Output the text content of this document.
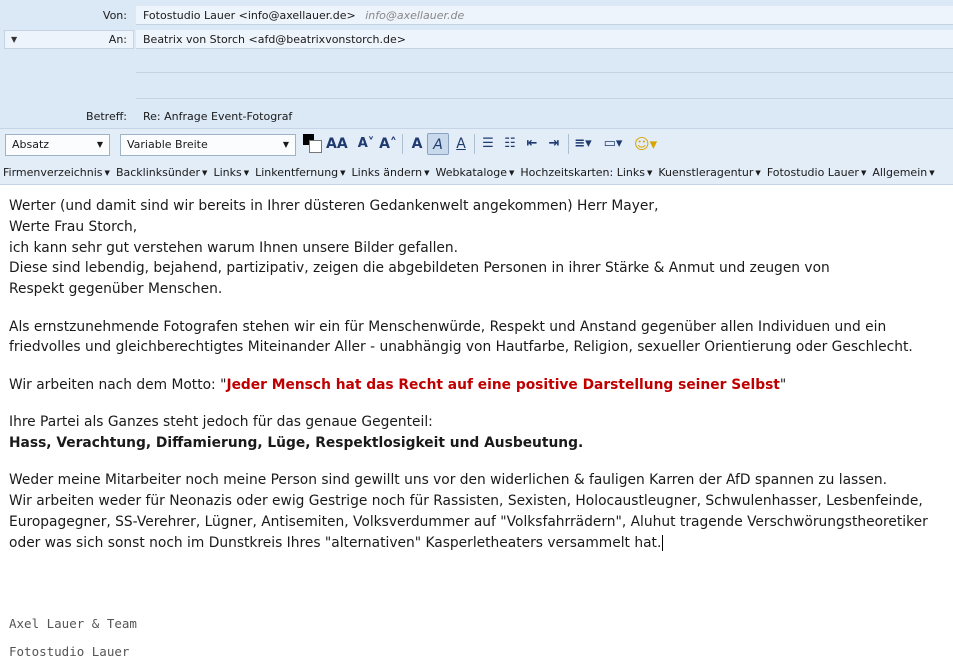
Von:	Fotostudio Lauer <info@axellauer.de> info@axellauer.de
▼	An:	Beatrix von Storch <afd@beatrixvonstorch.de>
Betreff:	Re: Anfrage Event-Fotograf
Absatz	▼	Variable Breite	▼	AA A˅ A˄	A A A	☰ ☷ ⇤ ⇥	≡▾ ▭▾ ☺▾
Firmenverzeichnis ▼ Backlinksünder ▼ Links ▼ Linkentfernung ▼ Links ändern ▼ Webkataloge ▼ Hochzeitskarten: Links ▼ Kuenstleragentur ▼ Fotostudio Lauer ▼ Allgemein ▼
Werter (und damit sind wir bereits in Ihrer düsteren Gedankenwelt angekommen) Herr Mayer,
Werte Frau Storch,
ich kann sehr gut verstehen warum Ihnen unsere Bilder gefallen.
Diese sind lebendig, bejahend, partizipativ, zeigen die abgebildeten Personen in ihrer Stärke & Anmut und zeugen von
Respekt gegenüber Menschen.
Als ernstzunehmende Fotografen stehen wir ein für Menschenwürde, Respekt und Anstand gegenüber allen Individuen und ein
friedvolles und gleichberechtigtes Miteinander Aller - unabhängig von Hautfarbe, Religion, sexueller Orientierung oder Geschlecht.
Wir arbeiten nach dem Motto: "Jeder Mensch hat das Recht auf eine positive Darstellung seiner Selbst"
Ihre Partei als Ganzes steht jedoch für das genaue Gegenteil:
Hass, Verachtung, Diffamierung, Lüge, Respektlosigkeit und Ausbeutung.
Weder meine Mitarbeiter noch meine Person sind gewillt uns vor den widerlichen & fauligen Karren der AfD spannen zu lassen.
Wir arbeiten weder für Neonazis oder ewig Gestrige noch für Rassisten, Sexisten, Holocaustleugner, Schwulenhasser, Lesbenfeinde,
Europagegner, SS-Verehrer, Lügner, Antisemiten, Volksverdummer auf "Volksfahrrädern", Aluhut tragende Verschwörungstheoretiker
oder was sich sonst noch im Dunstkreis Ihres "alternativen" Kasperletheaters versammelt hat.
Axel Lauer & Team
Fotostudio Lauer
